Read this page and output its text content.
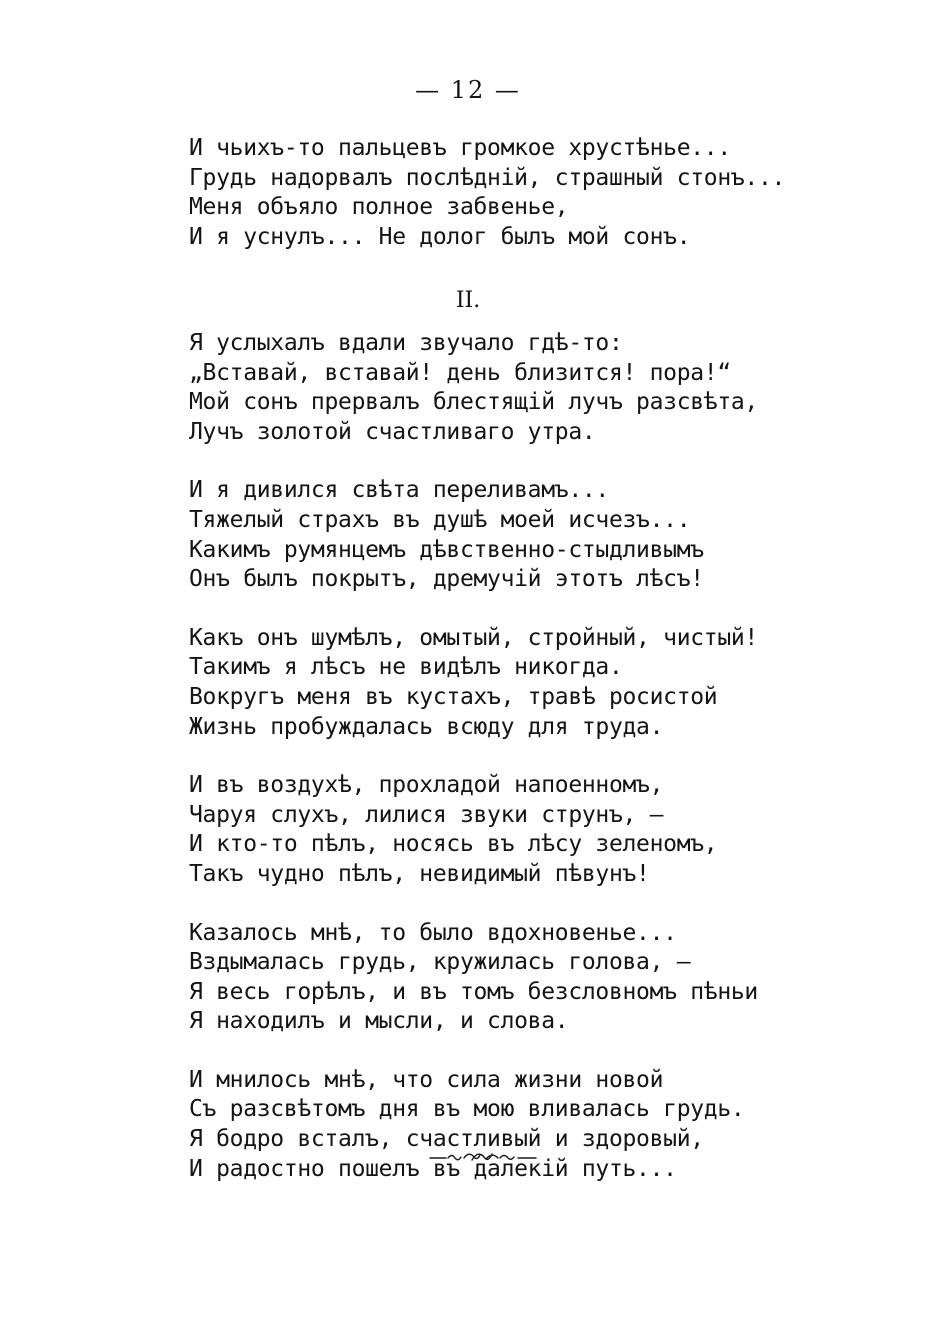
— 12 —
И чьихъ-то пальцевъ громкое хрустѣнье...
Грудь надорвалъ послѣднiй, страшный стонъ...
Меня объяло полное забвенье,
И я уснулъ... Не долог былъ мой сонъ.
II.
Я услыхалъ вдали звучало гдѣ-то:
„Вставай, вставай! день близится! пора!“
Мой сонъ прервалъ блестящiй лучъ разсвѣта,
Лучъ золотой счастливаго утра.
И я дивился свѣта переливамъ...
Тяжелый страхъ въ душѣ моей исчезъ...
Какимъ румянцемъ дѣвственно-стыдливымъ
Онъ былъ покрытъ, дремучiй этотъ лѣсъ!
Какъ онъ шумѣлъ, омытый, стройный, чистый!
Такимъ я лѣсъ не видѣлъ никогда.
Вокругъ меня въ кустахъ, травѣ росистой
Жизнь пробуждалась всюду для труда.
И въ воздухѣ, прохладой напоенномъ,
Чаруя слухъ, лилися звуки струнъ, —
И кто-то пѣлъ, носясь въ лѣсу зеленомъ,
Такъ чудно пѣлъ, невидимый пѣвунъ!
Казалось мнѣ, то было вдохновенье...
Вздымалась грудь, кружилась голова, —
Я весь горѣлъ, и въ томъ безсловномъ пѣньи
Я находилъ и мысли, и слова.
И мнилось мнѣ, что сила жизни новой
Съ разсвѣтомъ дня въ мою вливалась грудь.
Я бодро всталъ, счастливый и здоровый,
И радостно пошелъ въ далекiй путь...
